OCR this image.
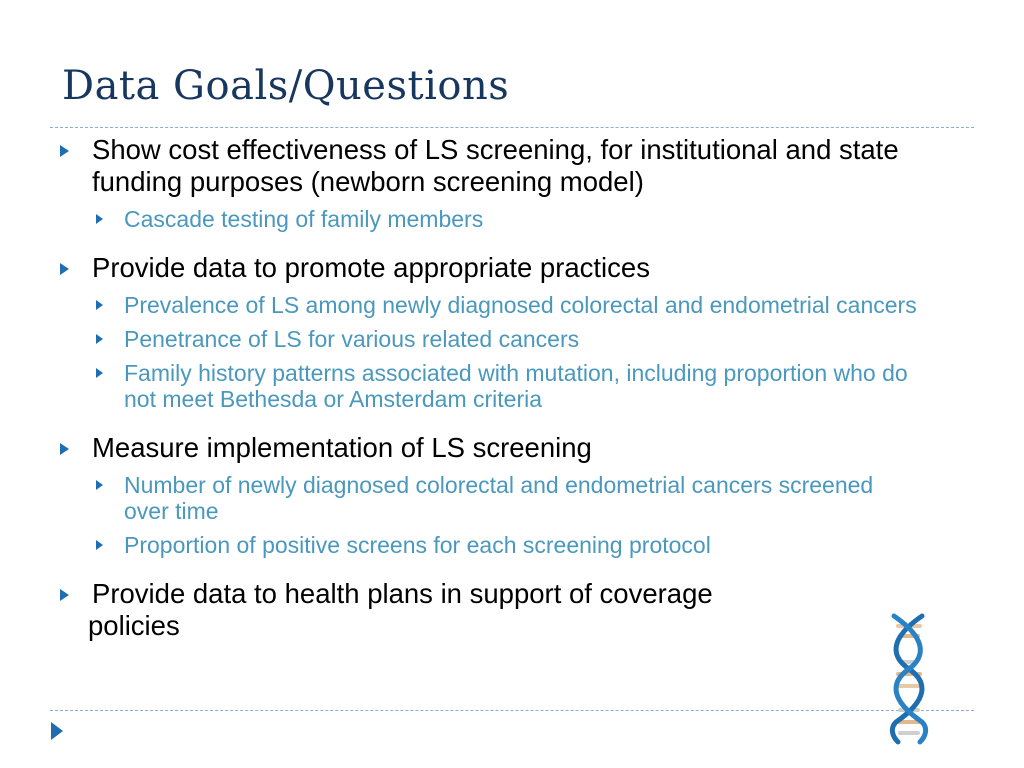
Data Goals/Questions
Show cost effectiveness of LS screening, for institutional and state funding purposes (newborn screening model)
Cascade testing of family members
Provide data to promote appropriate practices
Prevalence of LS among newly diagnosed colorectal and endometrial cancers
Penetrance of LS for various related cancers
Family history patterns associated with mutation, including proportion who do not meet Bethesda or Amsterdam criteria
Measure implementation of LS screening
Number of newly diagnosed colorectal and endometrial cancers screened over time
Proportion of positive screens for each screening protocol
Provide data to health plans in support of coverage
policies
